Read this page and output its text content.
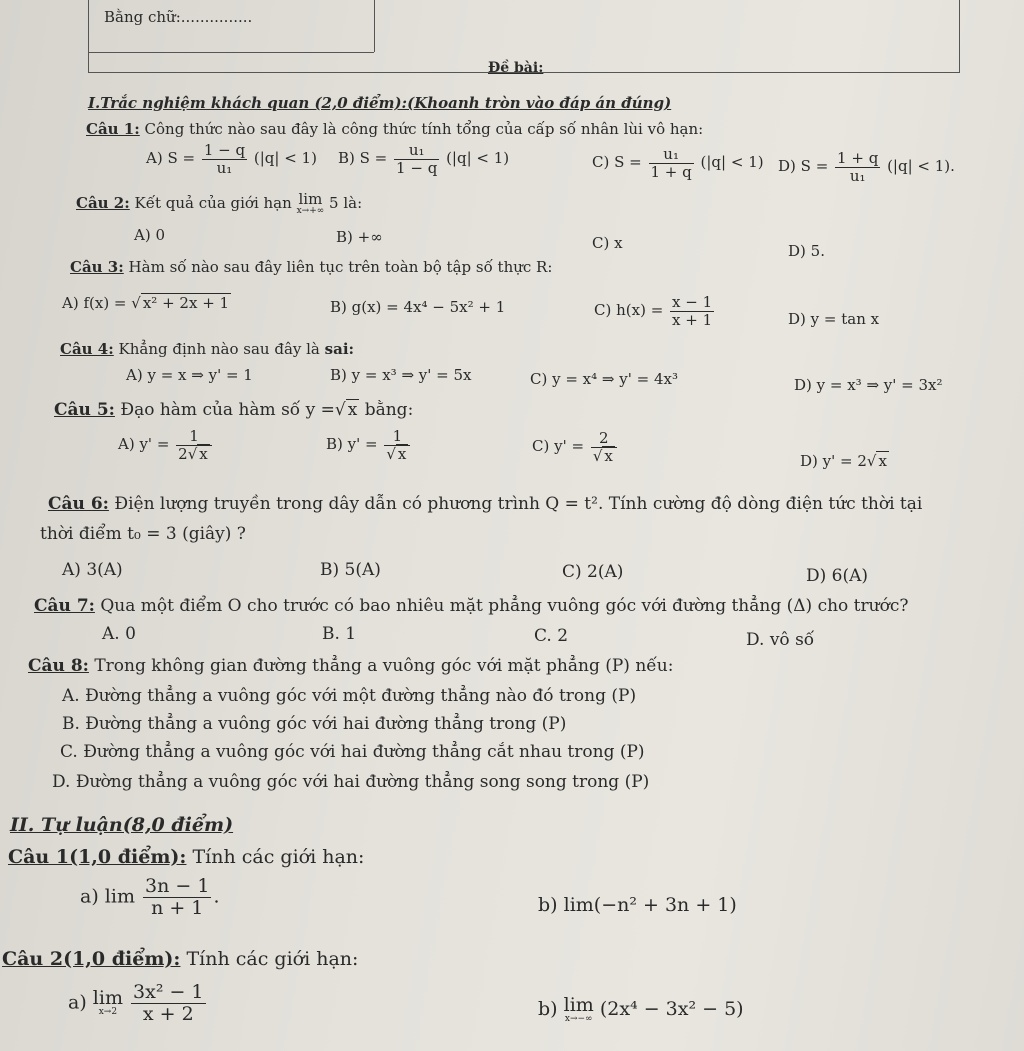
Bằng chữ:...............
Đề bài:
I.Trắc nghiệm khách quan (2,0 điểm):(Khoanh tròn vào đáp án đúng)
Câu 1: Công thức nào sau đây là công thức tính tổng của cấp số nhân lùi vô hạn:
A) $S = \frac{1 - q}{\text{u₁}} (|q| < 1)$ B) $S = \frac{\text{u₁}}{1 - q} (|q| < 1)$	C) $S = \frac{\text{u₁}}{1 + q} (|q| < 1)$ D) $S = \frac{1 + q}{\text{u₁}} (|q| < 1)$.
Câu 2: Kết quả của giới hạn lim
x→+∞ 5 là:
A) 0	B) +∞	C) x	D) 5.
Câu 3: Hàm số nào sau đây liên tục trên toàn bộ tập số thực R:
A) f(x) = √ x² + 2x + 1	B) g(x) = 4x⁴ − 5x² + 1	C) $h(x) = \frac{x - 1}{x + 1}$	D) y = tan x
Câu 4: Khẳng định nào sau đây là sai:
A) y = x ⇒ y' = 1	B) y = x³ ⇒ y' = 5x	C) y = x⁴ ⇒ y' = 4x³	D) y = x³ ⇒ y' = 3x²
Câu 5: Đạo hàm của hàm số y =√ x bằng:
A) $y' = \frac{1}{2√ x}$	B) $y' = \frac{1}{√ x}$	C) $y' = \frac{2}{√ x}$	D) y' = 2√ x
Câu 6: Điện lượng truyền trong dây dẫn có phương trình Q = t². Tính cường độ dòng điện tức thời tại
thời điểm t₀ = 3 (giây) ?
A) 3(A)	B) 5(A)	C) 2(A)	D) 6(A)
Câu 7: Qua một điểm O cho trước có bao nhiêu mặt phẳng vuông góc với đường thẳng (Δ) cho trước?
A. 0	B. 1	C. 2	D. vô số
Câu 8: Trong không gian đường thẳng a vuông góc với mặt phẳng (P) nếu:
A. Đường thẳng a vuông góc với một đường thẳng nào đó trong (P)
B. Đường thẳng a vuông góc với hai đường thẳng trong (P)
C. Đường thẳng a vuông góc với hai đường thẳng cắt nhau trong (P)
D. Đường thẳng a vuông góc với hai đường thẳng song song trong (P)
II. Tự luận(8,0 điểm)
Câu 1(1,0 điểm): Tính các giới hạn:
a) $\lim \frac{3n - 1}{n + 1}$ .	b) lim(−n² + 3n + 1)
Câu 2(1,0 điểm): Tính các giới hạn:
a) lim
x→2
$\frac{\text{3x² − 1}}{x + 2}$	b) lim
x→−∞ (2x⁴ − 3x² − 5)
